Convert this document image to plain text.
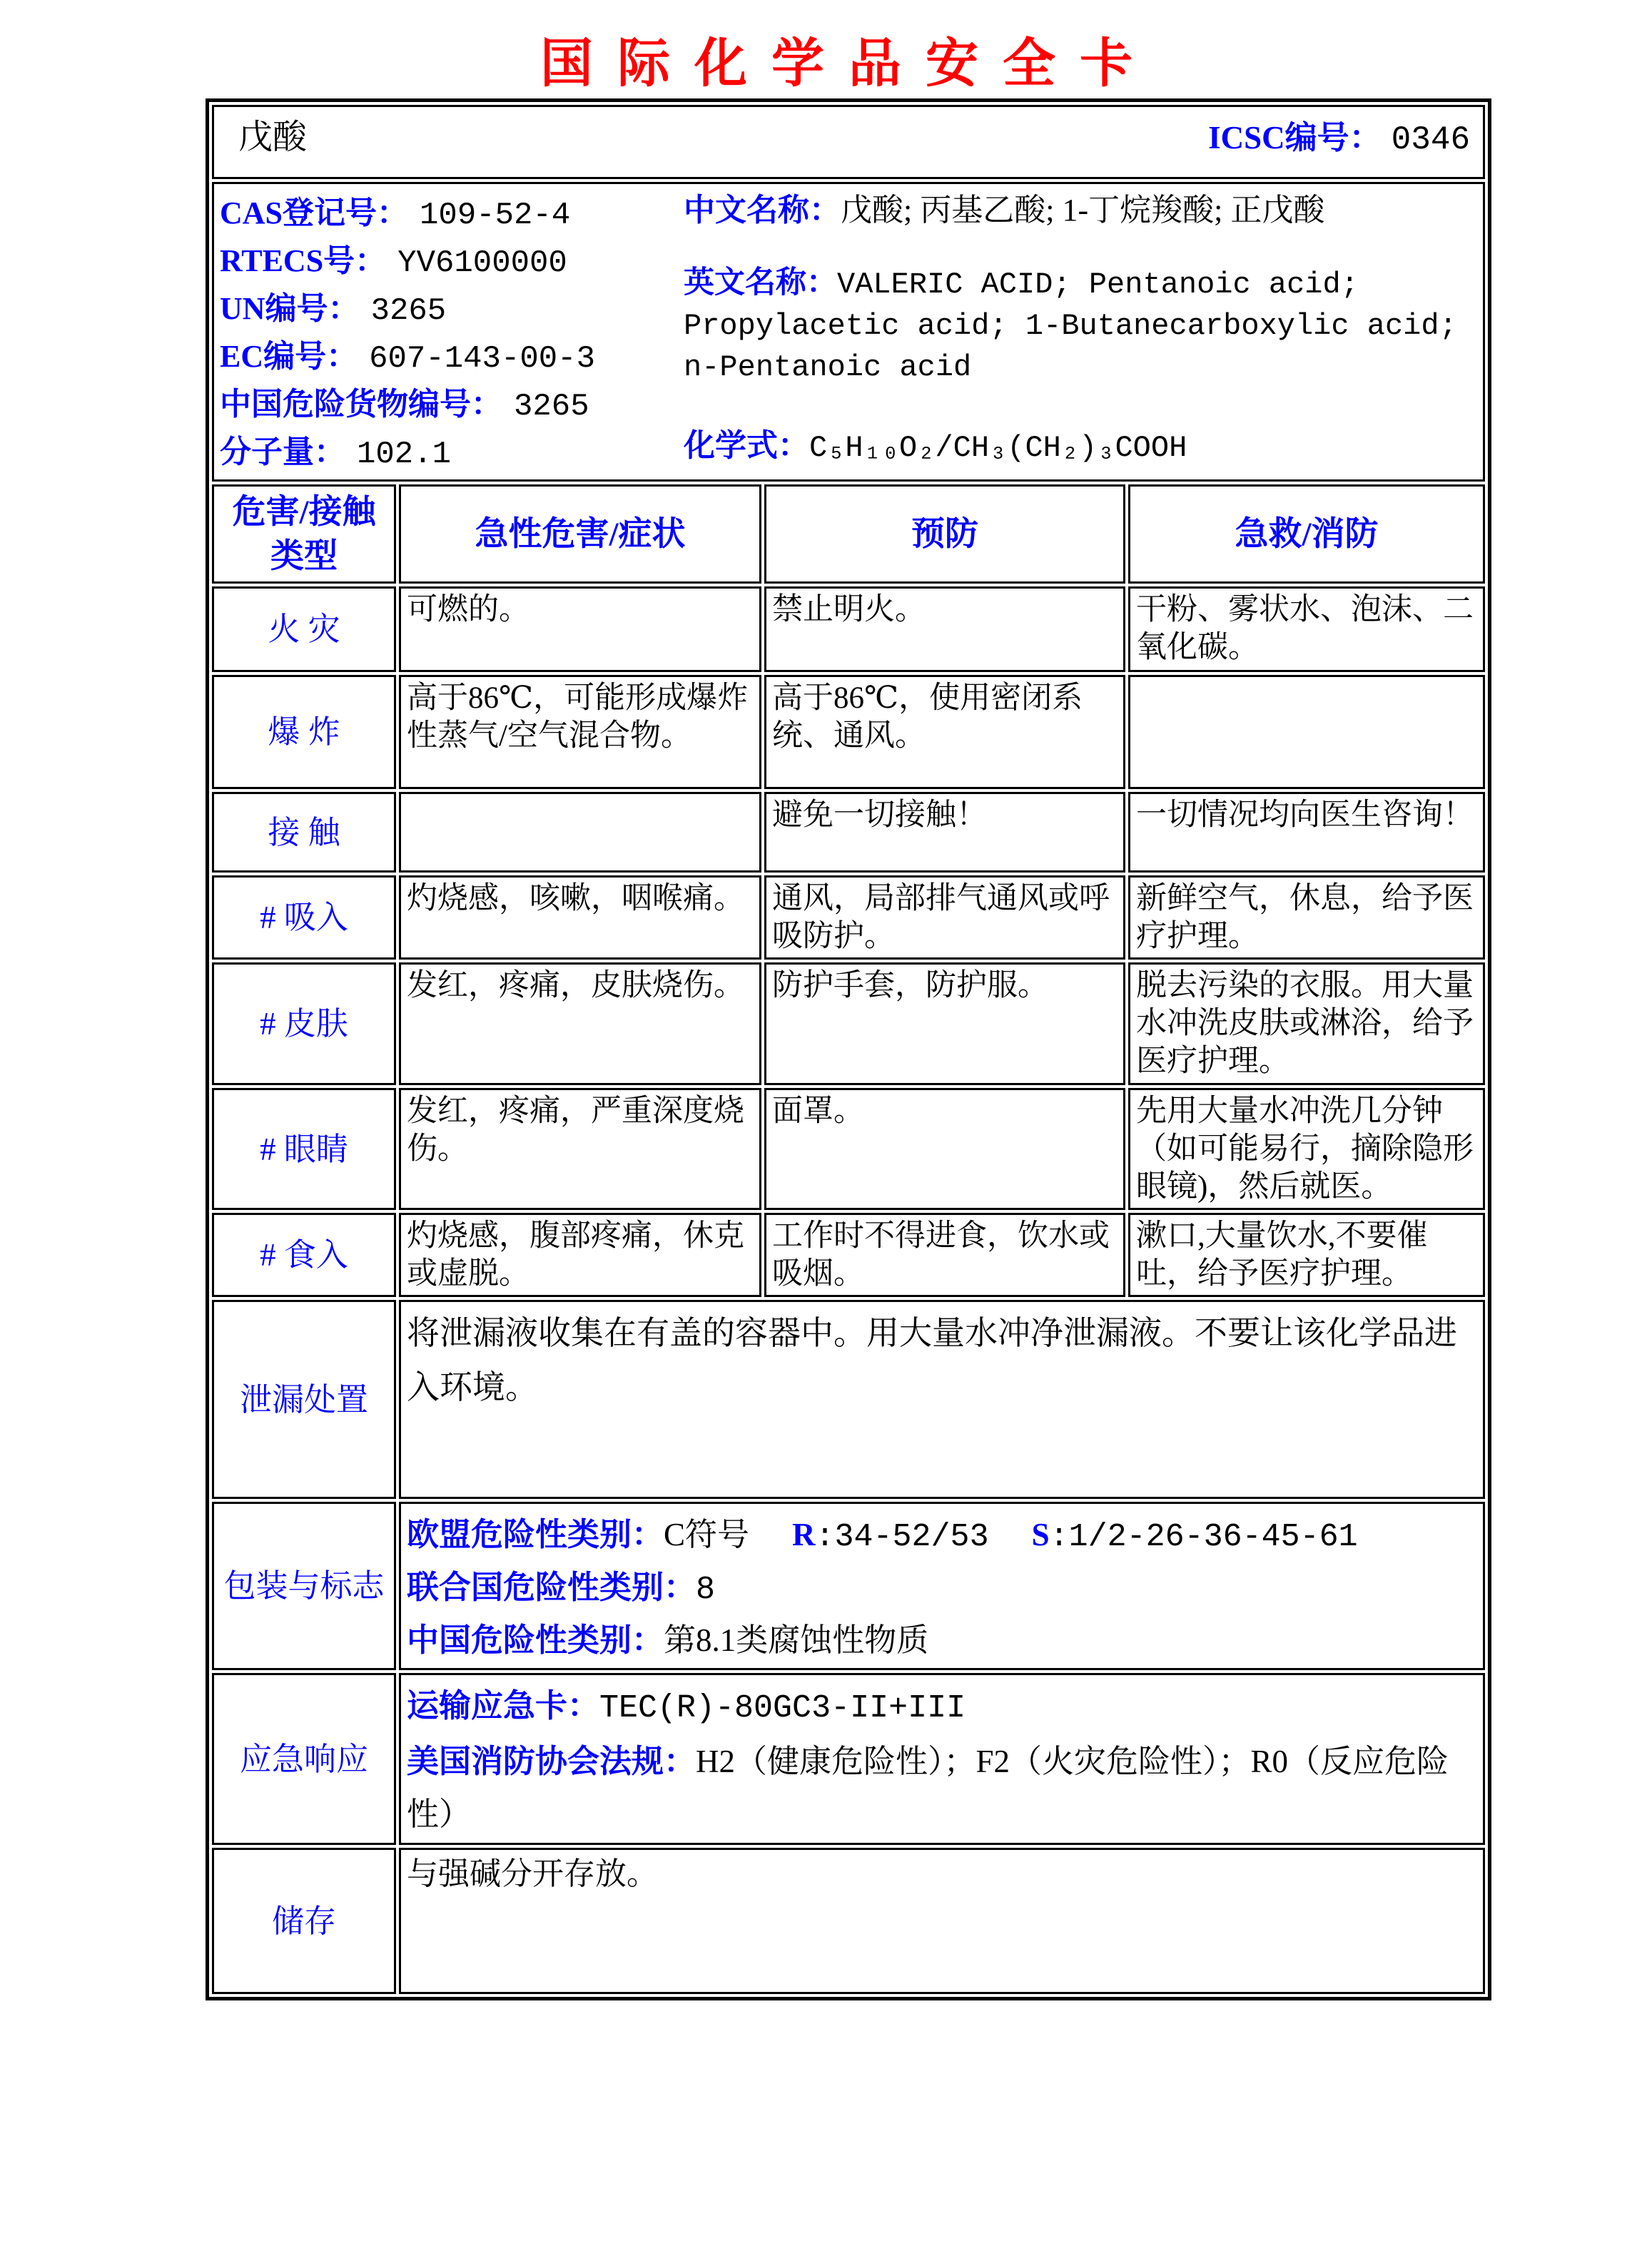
国际化学品安全卡
戊酸 ICSC编号： 0346			

CAS登记号： 109-52-4
RTECS号： YV6100000
UN编号： 3265
EC编号： 607-143-00-3
中国危险货物编号： 3265
分子量： 102.1

中文名称：戊酸; 丙基乙酸; 1-丁烷羧酸; 正戊酸

英文名称：VALERIC ACID; Pentanoic acid; Propylacetic acid; 1-Butanecarboxylic acid; n-Pentanoic acid

化学式：C₅H₁₀O₂/CH₃(CH₂)₃COOH

危害/接触类型	急性危害/症状	预防	急救/消防
火 灾	可燃的。	禁止明火。	干粉、雾状水、泡沫、二氧化碳。
爆 炸	高于86℃，可能形成爆炸性蒸气/空气混合物。	高于86℃，使用密闭系统、通风。	
接 触		避免一切接触！	一切情况均向医生咨询！
# 吸入	灼烧感，咳嗽，咽喉痛。	通风，局部排气通风或呼吸防护。	新鲜空气，休息，给予医疗护理。
# 皮肤	发红，疼痛，皮肤烧伤。	防护手套，防护服。	脱去污染的衣服。用大量水冲洗皮肤或淋浴，给予医疗护理。
# 眼睛	发红，疼痛，严重深度烧伤。	面罩。	先用大量水冲洗几分钟（如可能易行，摘除隐形眼镜)，然后就医。
# 食入	灼烧感，腹部疼痛，休克或虚脱。	工作时不得进食，饮水或吸烟。	漱口,大量饮水,不要催吐，给予医疗护理。
泄漏处置	将泄漏液收集在有盖的容器中。用大量水冲净泄漏液。不要让该化学品进入环境。		
包装与标志	欧盟危险性类别：C符号 R:34-52/53 S:1/2-26-36-45-61
联合国危险性类别：8
中国危险性类别：第8.1类腐蚀性物质		

应急响应	运输应急卡：TEC(R)-80GC3-II+III
美国消防协会法规：H2（健康危险性）；F2（火灾危险性）；R0（反应危险性）		

储存	与强碱分开存放。		
